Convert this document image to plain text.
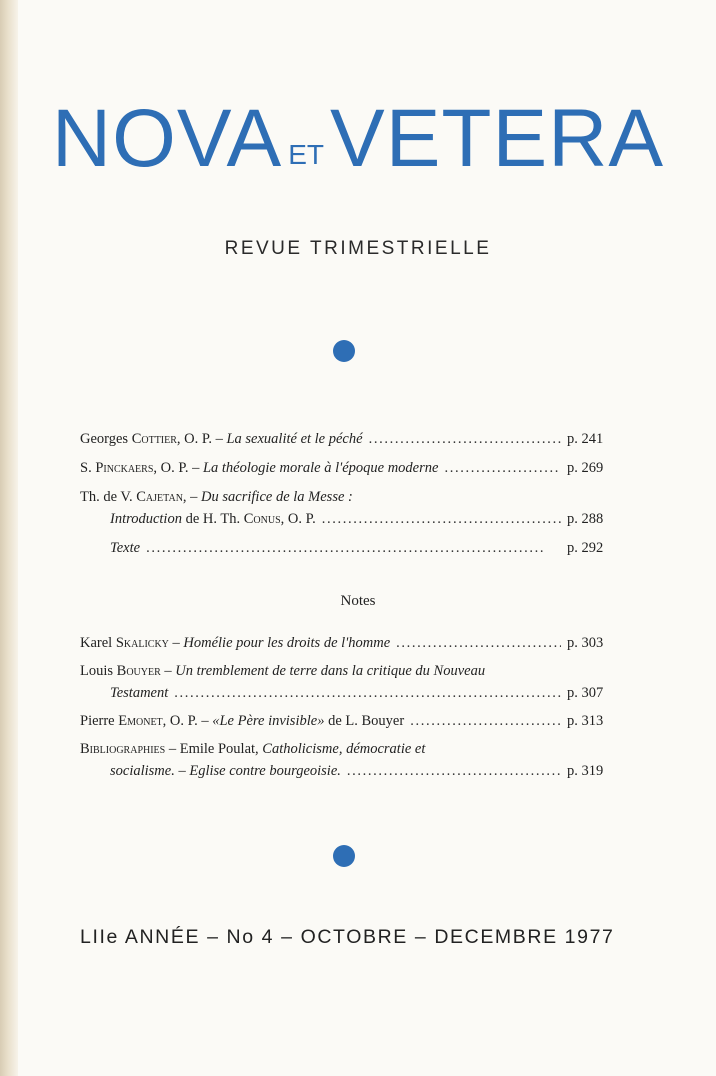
NOVA ETVETERA
REVUE TRIMESTRIELLE
Georges Cottier, O. P. – La sexualité et le péché . . .	p. 241
S. Pinckaers, O. P. – La théologie morale à l'époque moderne . . .	p. 269
Th. de V. Cajetan, – Du sacrifice de la Messe :
Introduction de H. Th. Conus, O. P. . . .	p. 288
Texte . . .	p. 292
Notes
Karel Skalicky – Homélie pour les droits de l'homme . . .	p. 303
Louis Bouyer – Un tremblement de terre dans la critique du Nouveau
Testament . . .	p. 307
Pierre Emonet, O. P. – «Le Père invisible» de L. Bouyer . . .	p. 313
Bibliographies – Emile Poulat, Catholicisme, démocratie et
socialisme. – Eglise contre bourgeoisie. . . .	p. 319
LIIe ANNÉE – No 4 – OCTOBRE – DECEMBRE 1977
